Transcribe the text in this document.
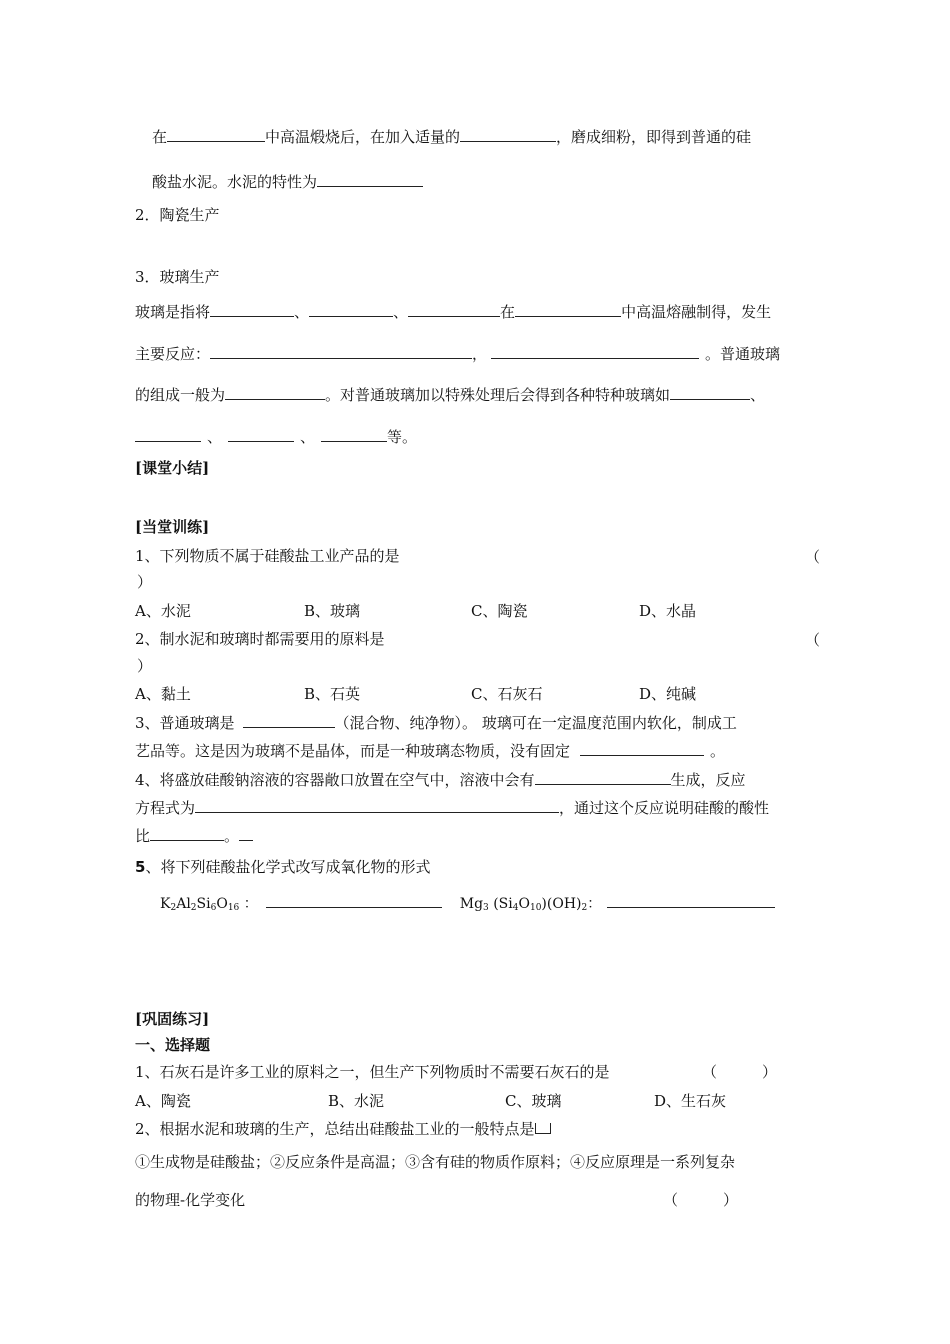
在	中高温煅烧后，在加入适量的	，磨成细粉，即得到普通的硅
酸盐水泥。水泥的特性为
2．陶瓷生产
3．玻璃生产
玻璃是指将	、	、	在	中高温熔融制得，发生
主要反应：	，	。普通玻璃
的组成一般为	。对普通玻璃加以特殊处理后会得到各种特种玻璃如	、
、	、	等。
[课堂小结]
[当堂训练]
1、下列物质不属于硅酸盐工业产品的是	（
）
A、水泥	B、玻璃	C、陶瓷	D、水晶
2、制水泥和玻璃时都需要用的原料是	（
）
A、黏土	B、石英	C、石灰石	D、纯碱
3、普通玻璃是	（混合物、纯净物）。 玻璃可在一定温度范围内软化，制成工
艺品等。这是因为玻璃不是晶体，而是一种玻璃态物质，没有固定	。
4、将盛放硅酸钠溶液的容器敞口放置在空气中，溶液中会有	生成，反应
方程式为	，通过这个反应说明硅酸的酸性
比	。
5、将下列硅酸盐化学式改写成氧化物的形式
$K_2Al_2Si_6O_{16}$ ：	$Mg_3$ $(Si_4O_{10})(OH)_2$：
[巩固练习]
一、选择题
1、石灰石是许多工业的原料之一，但生产下列物质时不需要石灰石的是	（　　　）
A、陶瓷	B、水泥	C、玻璃	D、生石灰
2、根据水泥和玻璃的生产，总结出硅酸盐工业的一般特点是
①生成物是硅酸盐；②反应条件是高温；③含有硅的物质作原料；④反应原理是一系列复杂
的物理-化学变化	（　　　）
